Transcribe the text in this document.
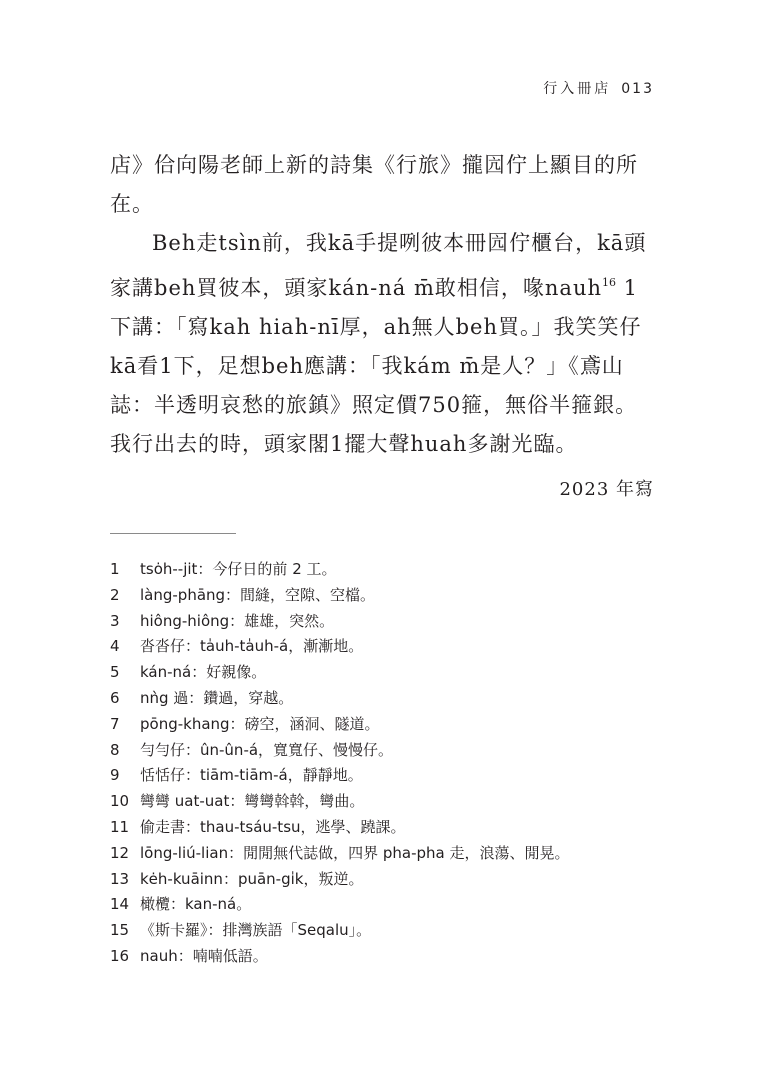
行入冊店 013

店》佮向陽老師上新的詩集《行旅》攏囥佇上顯目的所在。

Beh走tsìn前，我kā手提咧彼本冊囥佇櫃台，kā頭家講beh買彼本，頭家kán-ná m̄敢相信，喙nauh$^{16}$ 1下講：「寫kah hiah-nī厚，ah無人beh買。」我笑笑仔kā看1下，足想beh應講：「我kám m̄是人？」《鳶山誌：半透明哀愁的旅鎮》照定價750箍，無俗半箍銀。我行出去的時，頭家閣1擺大聲huah多謝光臨。

2023 年寫
1 tsȯh--jit：今仔日的前 2 工。
2 làng-phāng：間縫，空隙、空檔。
3 hiông-hiông：雄雄，突然。
4 沓沓仔：ta̍uh-ta̍uh-á，漸漸地。
5 kán-ná：好親像。
6 nǹg 過：鑽過，穿越。
7 pōng-khang：磅空，涵洞、隧道。
8 勻勻仔：ûn-ûn-á，寬寬仔、慢慢仔。
9 恬恬仔：tiām-tiām-á，靜靜地。
10 彎彎 uat-uat：彎彎斡斡，彎曲。
11 偷走書：thau-tsáu-tsu，逃學、蹺課。
12 lōng-liú-lian：閒閒無代誌做，四界 pha-pha 走，浪蕩、閒晃。
13 kėh-kuāinn：puān-gi̍k，叛逆。
14 橄欖：kan-ná。
15 《斯卡羅》：排灣族語「Seqalu」。
16 nauh：喃喃低語。
